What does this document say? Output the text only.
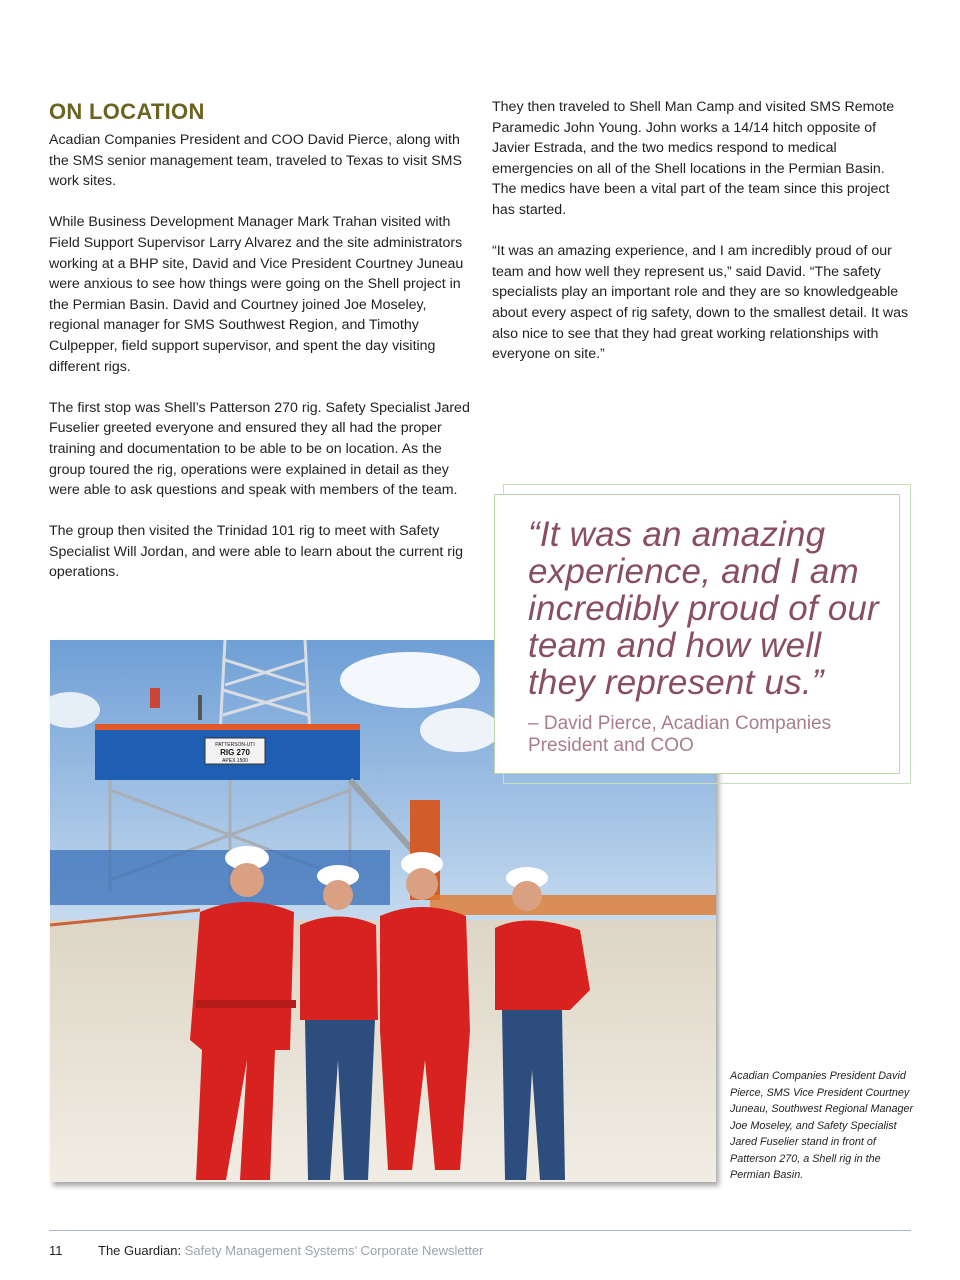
ON LOCATION

Acadian Companies President and COO David Pierce, along with the SMS senior management team, traveled to Texas to visit SMS work sites.

While Business Development Manager Mark Trahan visited with Field Support Supervisor Larry Alvarez and the site administrators working at a BHP site, David and Vice President Courtney Juneau were anxious to see how things were going on the Shell project in the Permian Basin. David and Courtney joined Joe Moseley, regional manager for SMS Southwest Region, and Timothy Culpepper, field support supervisor, and spent the day visiting different rigs.

The first stop was Shell’s Patterson 270 rig. Safety Specialist Jared Fuselier greeted everyone and ensured they all had the proper training and documentation to be able to be on location. As the group toured the rig, operations were explained in detail as they were able to ask questions and speak with members of the team.

The group then visited the Trinidad 101 rig to meet with Safety Specialist Will Jordan, and were able to learn about the current rig operations.

They then traveled to Shell Man Camp and visited SMS Remote Paramedic John Young. John works a 14/14 hitch opposite of Javier Estrada, and the two medics respond to medical emergencies on all of the Shell locations in the Permian Basin. The medics have been a vital part of the team since this project has started.

“It was an amazing experience, and I am incredibly proud of our team and how well they represent us,” said David. “The safety specialists play an important role and they are so knowledgeable about every aspect of rig safety, down to the smallest detail. It was also nice to see that they had great working relationships with everyone on site.”

PATTERSON-UTI
RIG 270
APEX 1500
“It was an amazing experience, and I am incredibly proud of our team and how well they represent us.”
– David Pierce, Acadian Companies President and COO
Acadian Companies President David Pierce, SMS Vice President Courtney Juneau, Southwest Regional Manager Joe Moseley, and Safety Specialist Jared Fuselier stand in front of Patterson 270, a Shell rig in the Permian Basin.
11	The Guardian: Safety Management Systems’ Corporate Newsletter
